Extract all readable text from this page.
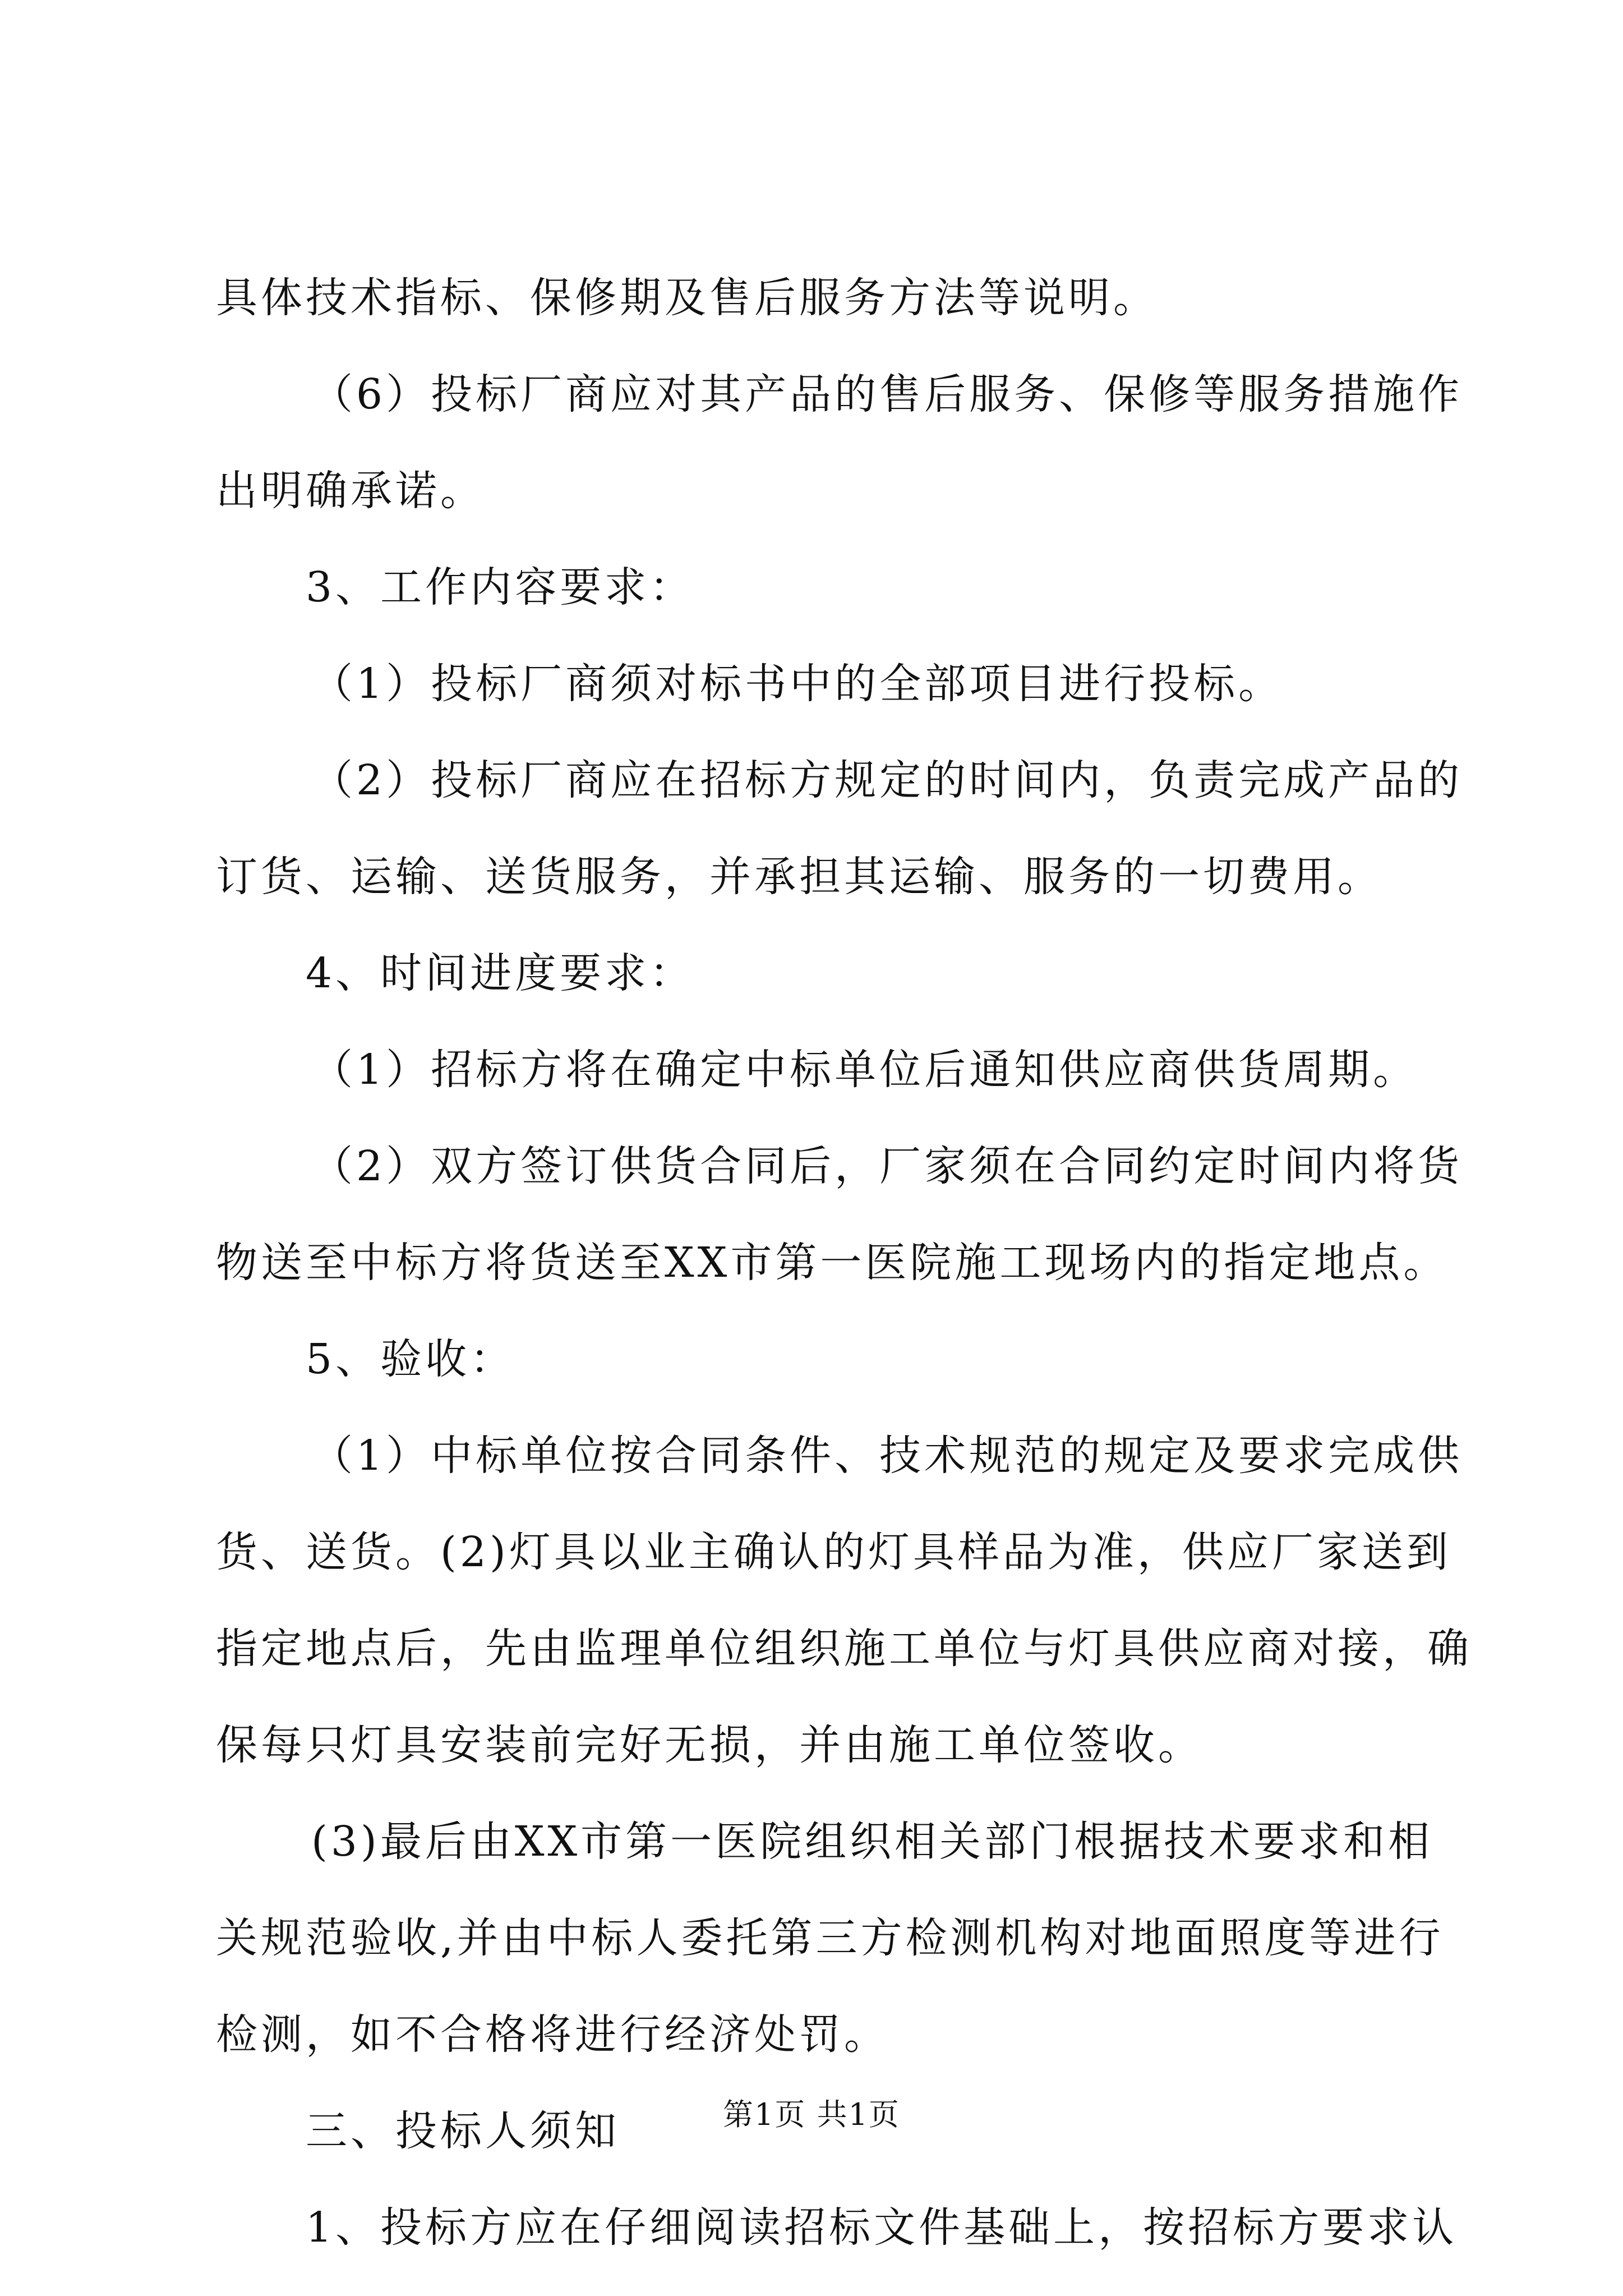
具体技术指标、保修期及售后服务方法等说明。
（6）投标厂商应对其产品的售后服务、保修等服务措施作
出明确承诺。
3、工作内容要求：
（1）投标厂商须对标书中的全部项目进行投标。
（2）投标厂商应在招标方规定的时间内，负责完成产品的
订货、运输、送货服务，并承担其运输、服务的一切费用。
4、时间进度要求：
（1）招标方将在确定中标单位后通知供应商供货周期。
（2）双方签订供货合同后，厂家须在合同约定时间内将货
物送至中标方将货送至XX市第一医院施工现场内的指定地点。
5、验收：
（1）中标单位按合同条件、技术规范的规定及要求完成供
货、送货。(2)灯具以业主确认的灯具样品为准，供应厂家送到
指定地点后，先由监理单位组织施工单位与灯具供应商对接，确
保每只灯具安装前完好无损，并由施工单位签收。
(3)最后由XX市第一医院组织相关部门根据技术要求和相
关规范验收,并由中标人委托第三方检测机构对地面照度等进行
检测，如不合格将进行经济处罚。
三、投标人须知
1、投标方应在仔细阅读招标文件基础上，按招标方要求认
第1页 共1页
